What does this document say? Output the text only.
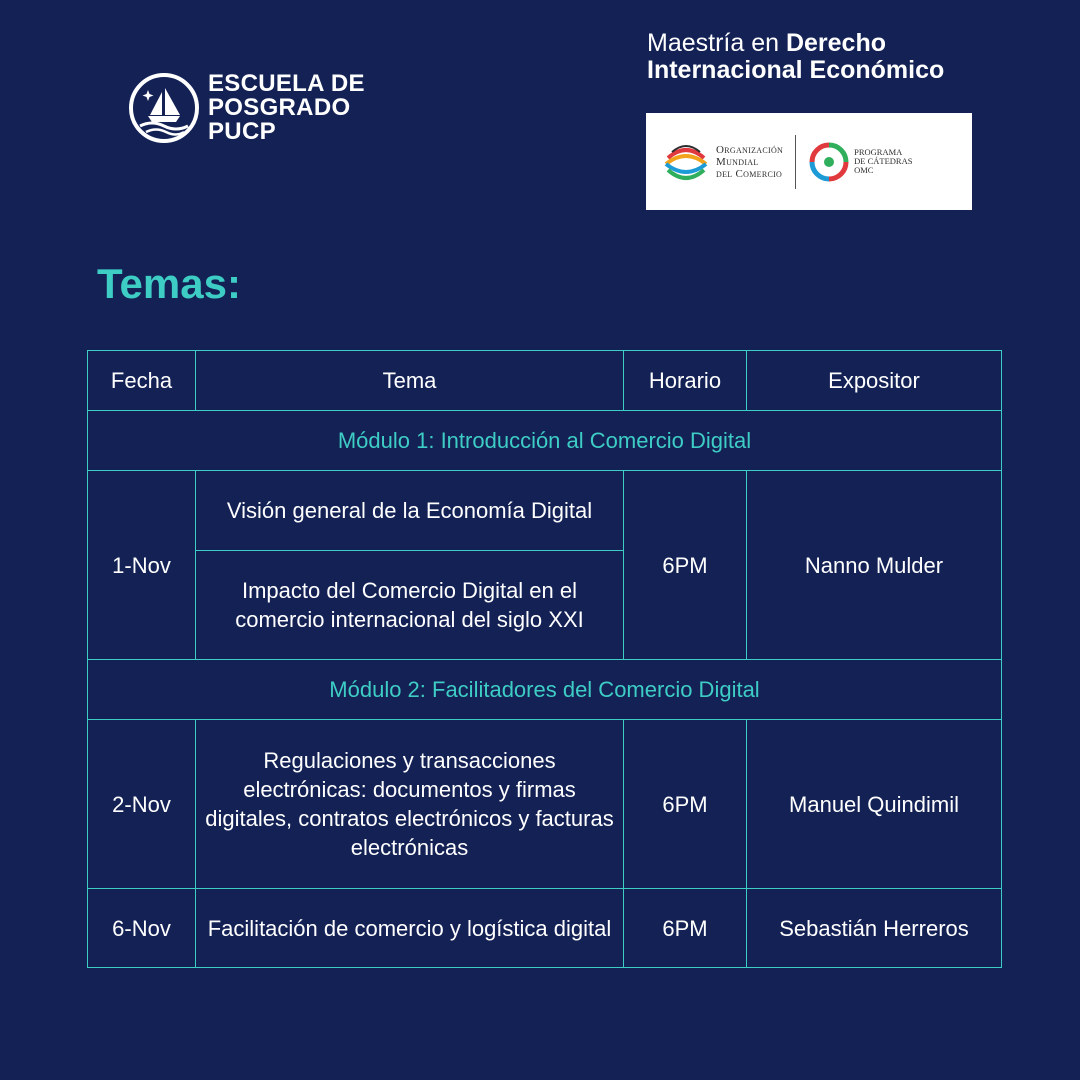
ESCUELA DE
POSGRADO
PUCP
Maestría en Derecho
Internacional Económico
Organización
Mundial
del Comercio
PROGRAMA
DE CÁTEDRAS
OMC
Temas:
Fecha	Tema	Horario	Expositor
Módulo 1: Introducción al Comercio Digital			
1-Nov	Visión general de la Economía Digital	6PM	Nanno Mulder
	Impacto del Comercio Digital en el comercio internacional del siglo XXI		
Módulo 2: Facilitadores del Comercio Digital			
2-Nov	Regulaciones y transacciones electrónicas: documentos y firmas digitales, contratos electrónicos y facturas electrónicas	6PM	Manuel Quindimil
6-Nov	Facilitación de comercio y logística digital	6PM	Sebastián Herreros
